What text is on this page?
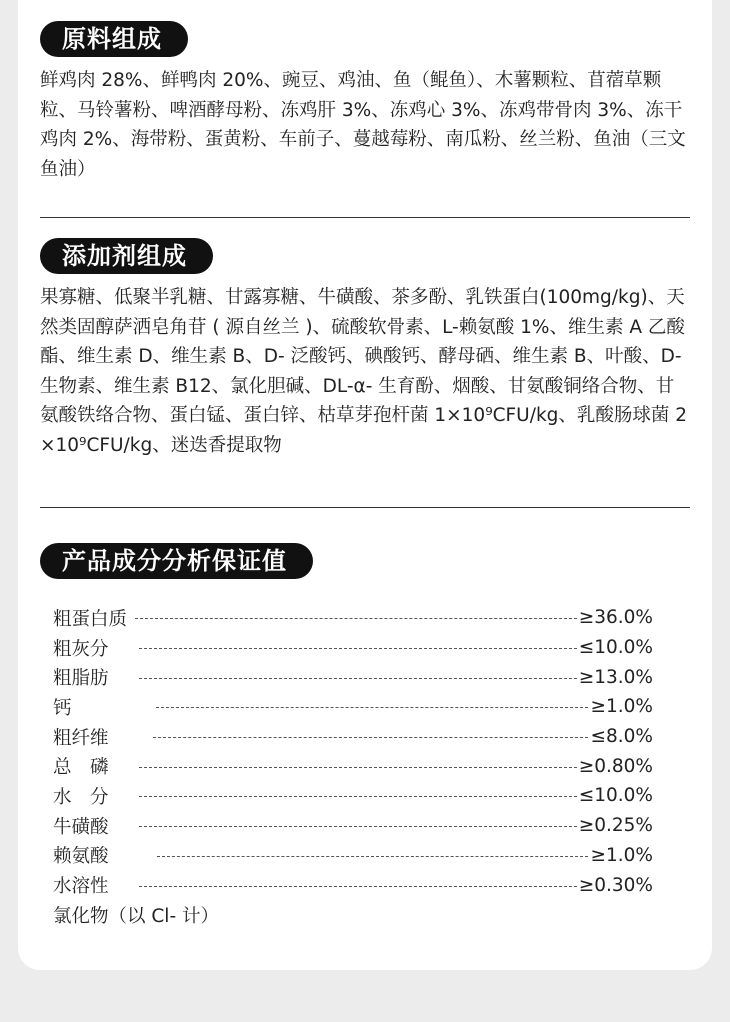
原料组成
鲜鸡肉 28%、鲜鸭肉 20%、豌豆、鸡油、鱼（鲲鱼）、木薯颗粒、苜蓿草颗粒、马铃薯粉、啤酒酵母粉、冻鸡肝 3%、冻鸡心 3%、冻鸡带骨肉 3%、冻干鸡肉 2%、海带粉、蛋黄粉、车前子、蔓越莓粉、南瓜粉、丝兰粉、鱼油（三文鱼油）
添加剂组成
果寡糖、低聚半乳糖、甘露寡糖、牛磺酸、茶多酚、乳铁蛋白(100mg/kg)、天然类固醇萨洒皂角苷 ( 源自丝兰 )、硫酸软骨素、L-赖氨酸 1%、维生素 A 乙酸酯、维生素 D、维生素 B、D- 泛酸钙、碘酸钙、酵母硒、维生素 B、叶酸、D- 生物素、维生素 B12、氯化胆碱、DL-α- 生育酚、烟酸、甘氨酸铜络合物、甘氨酸铁络合物、蛋白锰、蛋白锌、枯草芽孢杆菌 1×10⁹CFU/kg、乳酸肠球菌 2×10⁹CFU/kg、迷迭香提取物
产品成分分析保证值
粗蛋白质	≥36.0%
粗灰分	≤10.0%
粗脂肪	≥13.0%
钙	≥1.0%
粗纤维	≤8.0%
总　磷	≥0.80%
水　分	≤10.0%
牛磺酸	≥0.25%
赖氨酸	≥1.0%
水溶性	≥0.30%
氯化物（以 Cl- 计）
